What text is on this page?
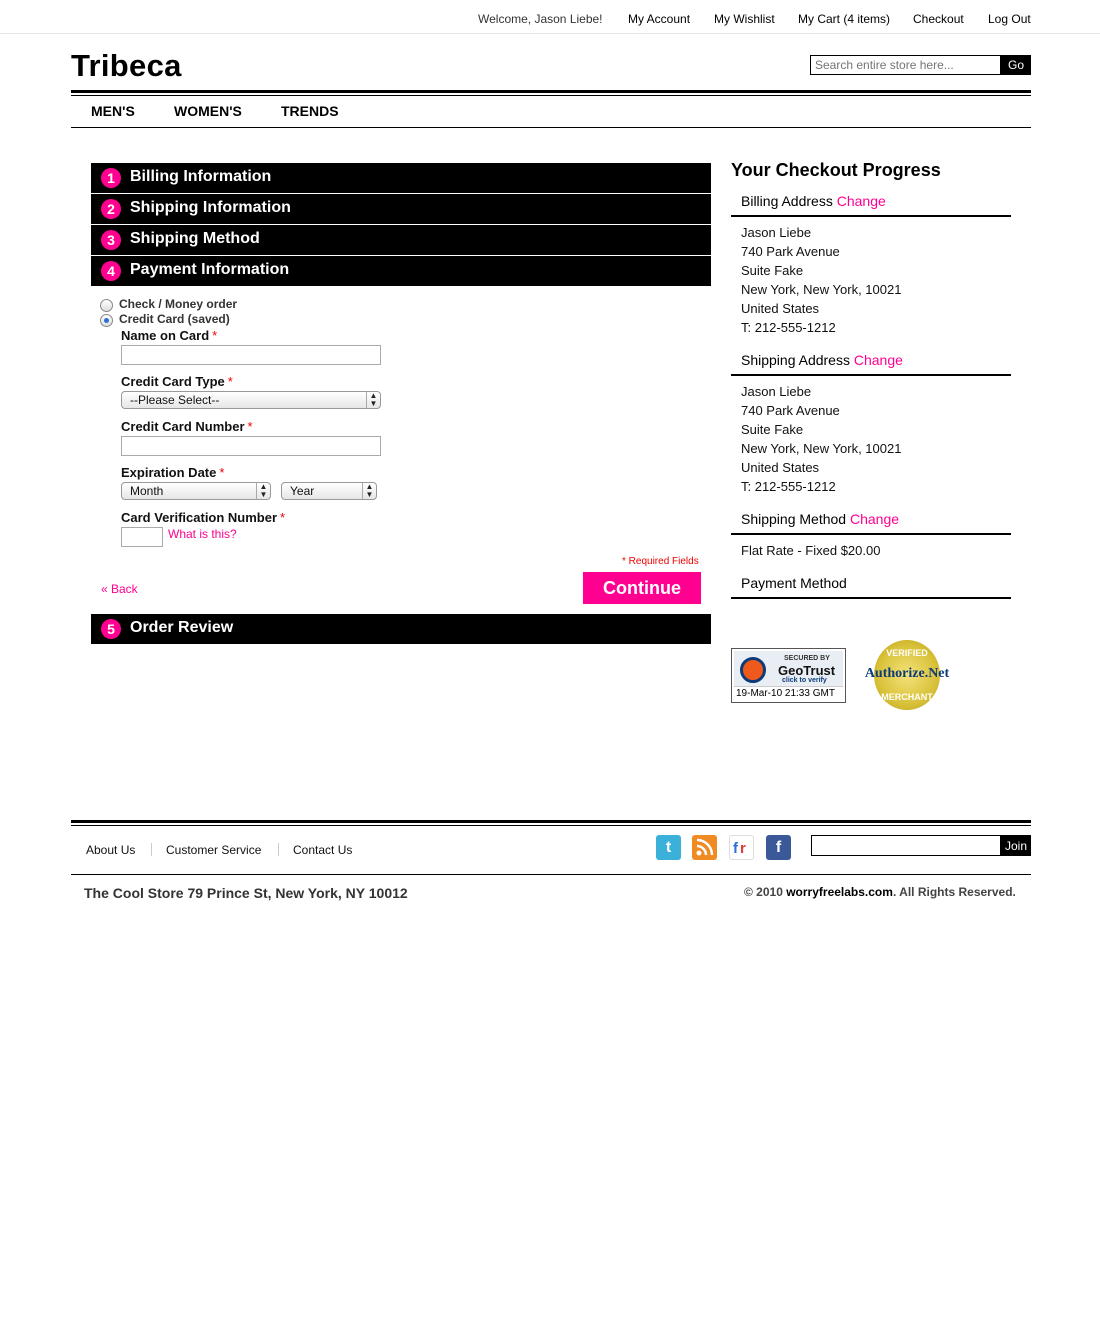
Welcome, Jason Liebe! My Account My Wishlist My Cart (4 items) Checkout Log Out
Tribeca
Search entire store here...	Go
MEN'S	WOMEN'S	TRENDS
1 Billing Information
2 Shipping Information
3 Shipping Method
4 Payment Information
Check / Money order
Credit Card (saved)
Name on Card *
Credit Card Type *
--Please Select--	▲
▼
Credit Card Number *
Expiration Date *
Month	▲
▼	Year	▲
▼
Card Verification Number *
What is this?
* Required Fields
« Back	Continue
5 Order Review
Your Checkout Progress
Billing Address Change
Jason Liebe
740 Park Avenue
Suite Fake
New York, New York, 10021
United States
T: 212-555-1212
Shipping Address Change
Jason Liebe
740 Park Avenue
Suite Fake
New York, New York, 10021
United States
T: 212-555-1212
Shipping Method Change
Flat Rate - Fixed $20.00
Payment Method
SECURED BY
GeoTrust
click to verify
19-Mar-10 21:33 GMT
VERIFIED
Authorize.Net
MERCHANT
About Us	Customer Service	Contact Us	t	f r	f	Join
The Cool Store 79 Prince St, New York, NY 10012	© 2010 worryfreelabs.com. All Rights Reserved.
